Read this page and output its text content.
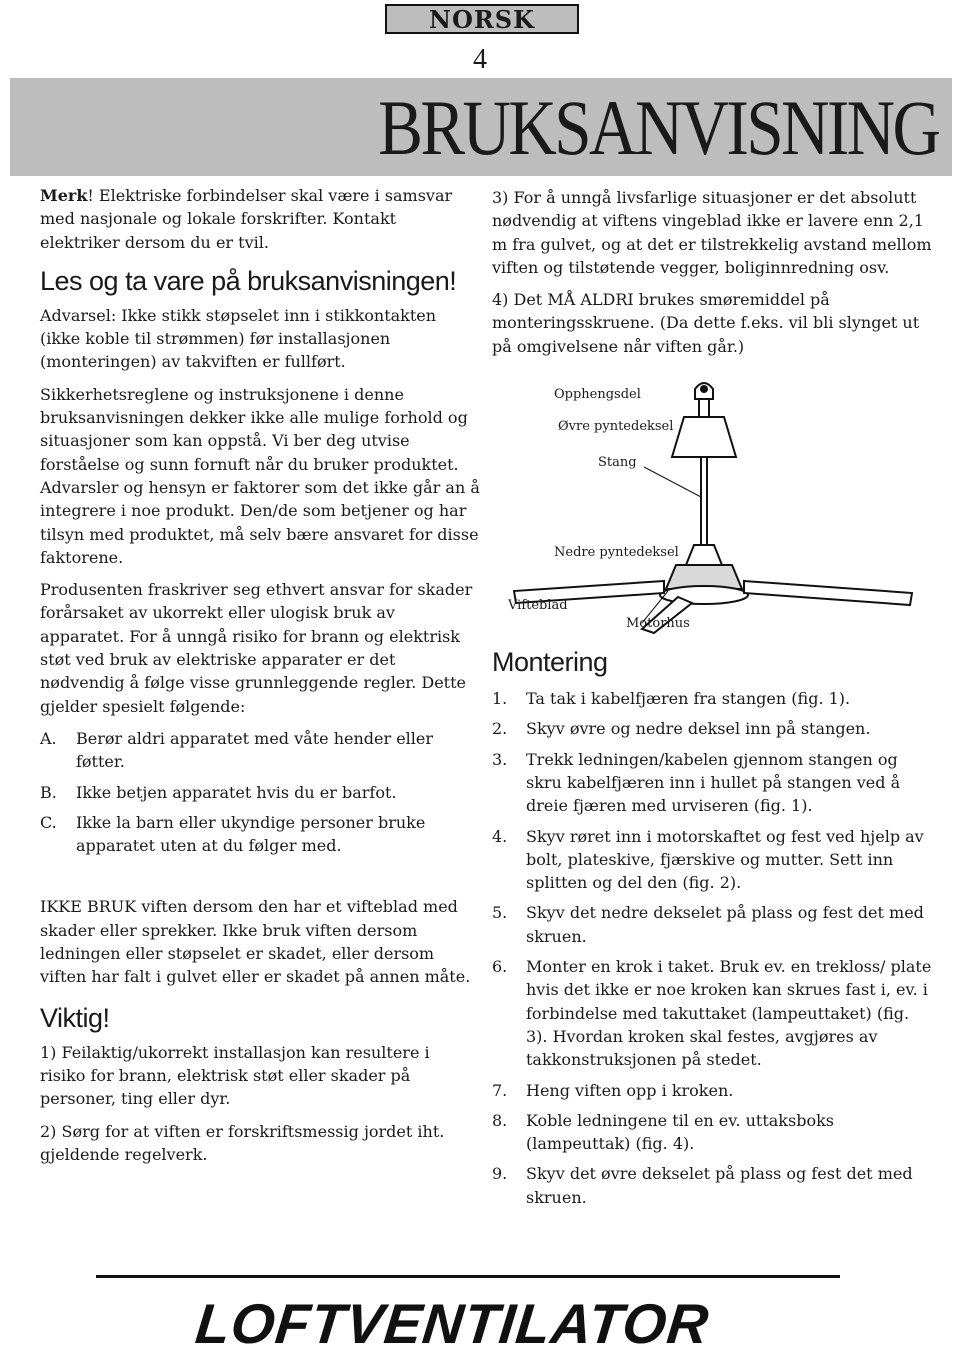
NORSK
4
BRUKSANVISNING

Merk! Elektriske forbindelser skal være i samsvar med nasjonale og lokale forskrifter. Kontakt elektriker dersom du er tvil.

Les og ta vare på bruksanvisningen!

Advarsel: Ikke stikk støpselet inn i stikkontakten (ikke koble til strømmen) før installasjonen (monteringen) av takviften er fullført.

Sikkerhetsreglene og instruksjonene i denne bruksanvisningen dekker ikke alle mulige forhold og situasjoner som kan oppstå. Vi ber deg utvise forståelse og sunn fornuft når du bruker produktet. Advarsler og hensyn er faktorer som det ikke går an å integrere i noe produkt. Den/de som betjener og har tilsyn med produktet, må selv bære ansvaret for disse faktorene.

Produsenten fraskriver seg ethvert ansvar for skader forårsaket av ukorrekt eller ulogisk bruk av apparatet. For å unngå risiko for brann og elektrisk støt ved bruk av elektriske apparater er det nødvendig å følge visse grunnleggende regler. Dette gjelder spesielt følgende:

A.	Berør aldri apparatet med våte hender eller føtter.
B.	Ikke betjen apparatet hvis du er barfot.
C.	Ikke la barn eller ukyndige personer bruke apparatet uten at du følger med.

IKKE BRUK viften dersom den har et vifteblad med skader eller sprekker. Ikke bruk viften dersom ledningen eller støpselet er skadet, eller dersom viften har falt i gulvet eller er skadet på annen måte.

Viktig!

1) Feilaktig/ukorrekt installasjon kan resultere i risiko for brann, elektrisk støt eller skader på personer, ting eller dyr.

2) Sørg for at viften er forskriftsmessig jordet iht. gjeldende regelverk.

3) For å unngå livsfarlige situasjoner er det absolutt nødvendig at viftens vingeblad ikke er lavere enn 2,1 m fra gulvet, og at det er tilstrekkelig avstand mellom viften og tilstøtende vegger, boliginnredning osv.

4) Det MÅ ALDRI brukes smøremiddel på monteringsskruene. (Da dette f.eks. vil bli slynget ut på omgivelsene når viften går.)

Opphengsdel
Øvre pyntedeksel
Stang
Nedre pyntedeksel
Vifteblad
Motorhus
Montering
1.	Ta tak i kabelfjæren fra stangen (fig. 1).
2.	Skyv øvre og nedre deksel inn på stangen.
3.	Trekk ledningen/kabelen gjennom stangen og skru kabelfjæren inn i hullet på stangen ved å dreie fjæren med urviseren (fig. 1).
4.	Skyv røret inn i motorskaftet og fest ved hjelp av bolt, plateskive, fjærskive og mutter. Sett inn splitten og del den (fig. 2).
5.	Skyv det nedre dekselet på plass og fest det med skruen.
6.	Monter en krok i taket. Bruk ev. en trekloss/ plate hvis det ikke er noe kroken kan skrues fast i, ev. i forbindelse med takuttaket (lampeuttaket) (fig. 3). Hvordan kroken skal festes, avgjøres av takkonstruksjonen på stedet.
7.	Heng viften opp i kroken.
8.	Koble ledningene til en ev. uttaksboks (lampeuttak) (fig. 4).
9.	Skyv det øvre dekselet på plass og fest det med skruen.
LOFTVENTILATOR
